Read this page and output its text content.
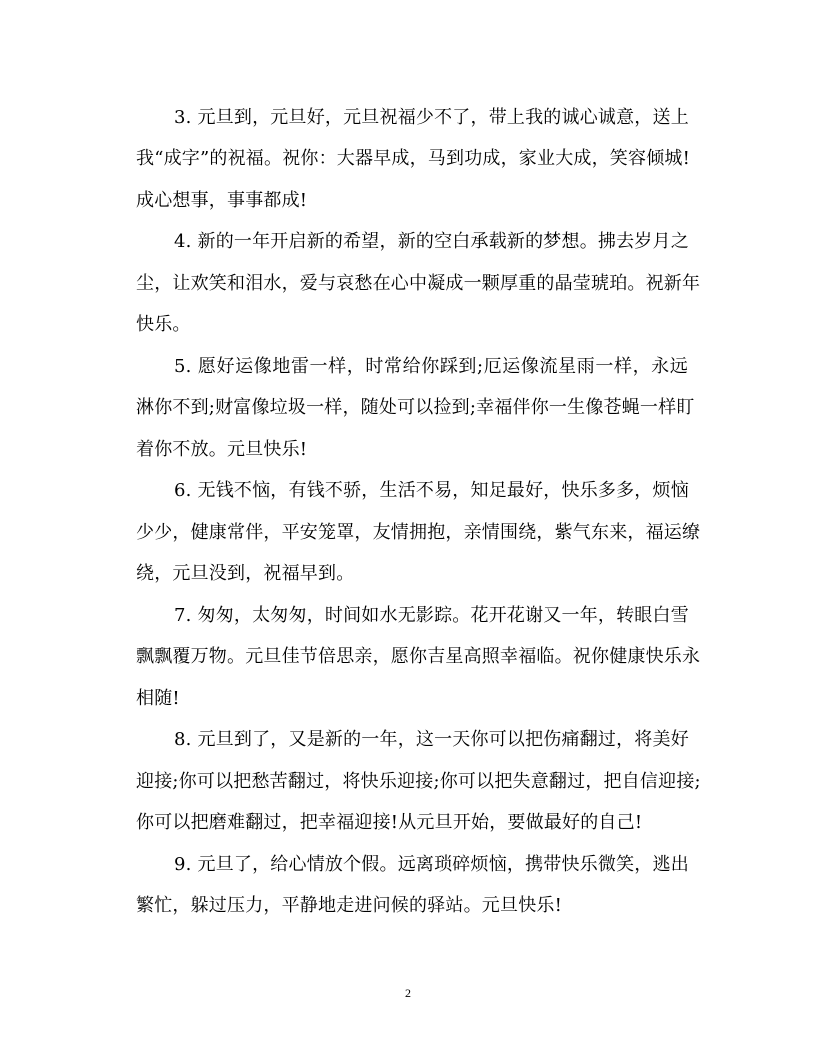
3. 元旦到，元旦好，元旦祝福少不了，带上我的诚心诚意，送上
我“成字”的祝福。祝你：大器早成，马到功成，家业大成，笑容倾城!
成心想事，事事都成!
4. 新的一年开启新的希望，新的空白承载新的梦想。拂去岁月之
尘，让欢笑和泪水，爱与哀愁在心中凝成一颗厚重的晶莹琥珀。祝新年
快乐。
5. 愿好运像地雷一样，时常给你踩到;厄运像流星雨一样，永远
淋你不到;财富像垃圾一样，随处可以捡到;幸福伴你一生像苍蝇一样盯
着你不放。元旦快乐!
6. 无钱不恼，有钱不骄，生活不易，知足最好，快乐多多，烦恼
少少，健康常伴，平安笼罩，友情拥抱，亲情围绕，紫气东来，福运缭
绕，元旦没到，祝福早到。
7. 匆匆，太匆匆，时间如水无影踪。花开花谢又一年，转眼白雪
飘飘覆万物。元旦佳节倍思亲，愿你吉星高照幸福临。祝你健康快乐永
相随!
8. 元旦到了，又是新的一年，这一天你可以把伤痛翻过，将美好
迎接;你可以把愁苦翻过，将快乐迎接;你可以把失意翻过，把自信迎接;
你可以把磨难翻过，把幸福迎接!从元旦开始，要做最好的自己!
9. 元旦了，给心情放个假。远离琐碎烦恼，携带快乐微笑，逃出
繁忙，躲过压力，平静地走进问候的驿站。元旦快乐!
2
